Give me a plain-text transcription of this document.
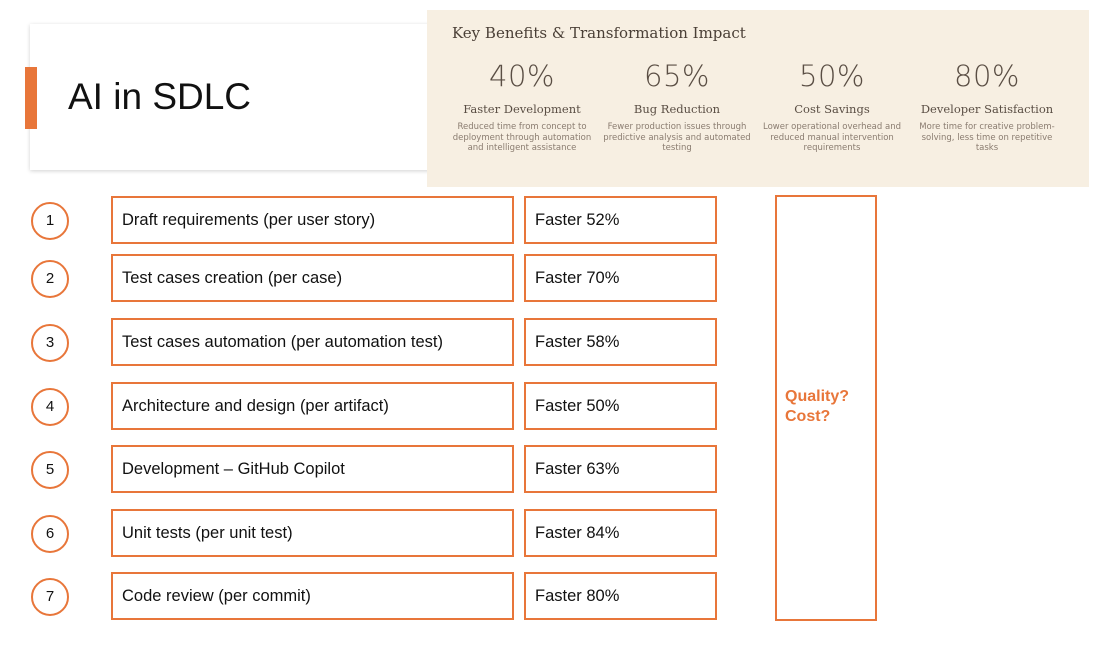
AI in SDLC
Key Benefits & Transformation Impact
40%
Faster Development
Reduced time from concept to deployment through automation and intelligent assistance
65%
Bug Reduction
Fewer production issues through predictive analysis and automated testing
50%
Cost Savings
Lower operational overhead and reduced manual intervention requirements
80%
Developer Satisfaction
More time for creative problem-solving, less time on repetitive tasks
1	Draft requirements (per user story)	Faster 52%
2	Test cases creation (per case)	Faster 70%
3	Test cases automation (per automation test)	Faster 58%
4	Architecture and design (per artifact)	Faster 50%
5	Development – GitHub Copilot	Faster 63%
6	Unit tests (per unit test)	Faster 84%
7	Code review (per commit)	Faster 80%
Quality?
Cost?
